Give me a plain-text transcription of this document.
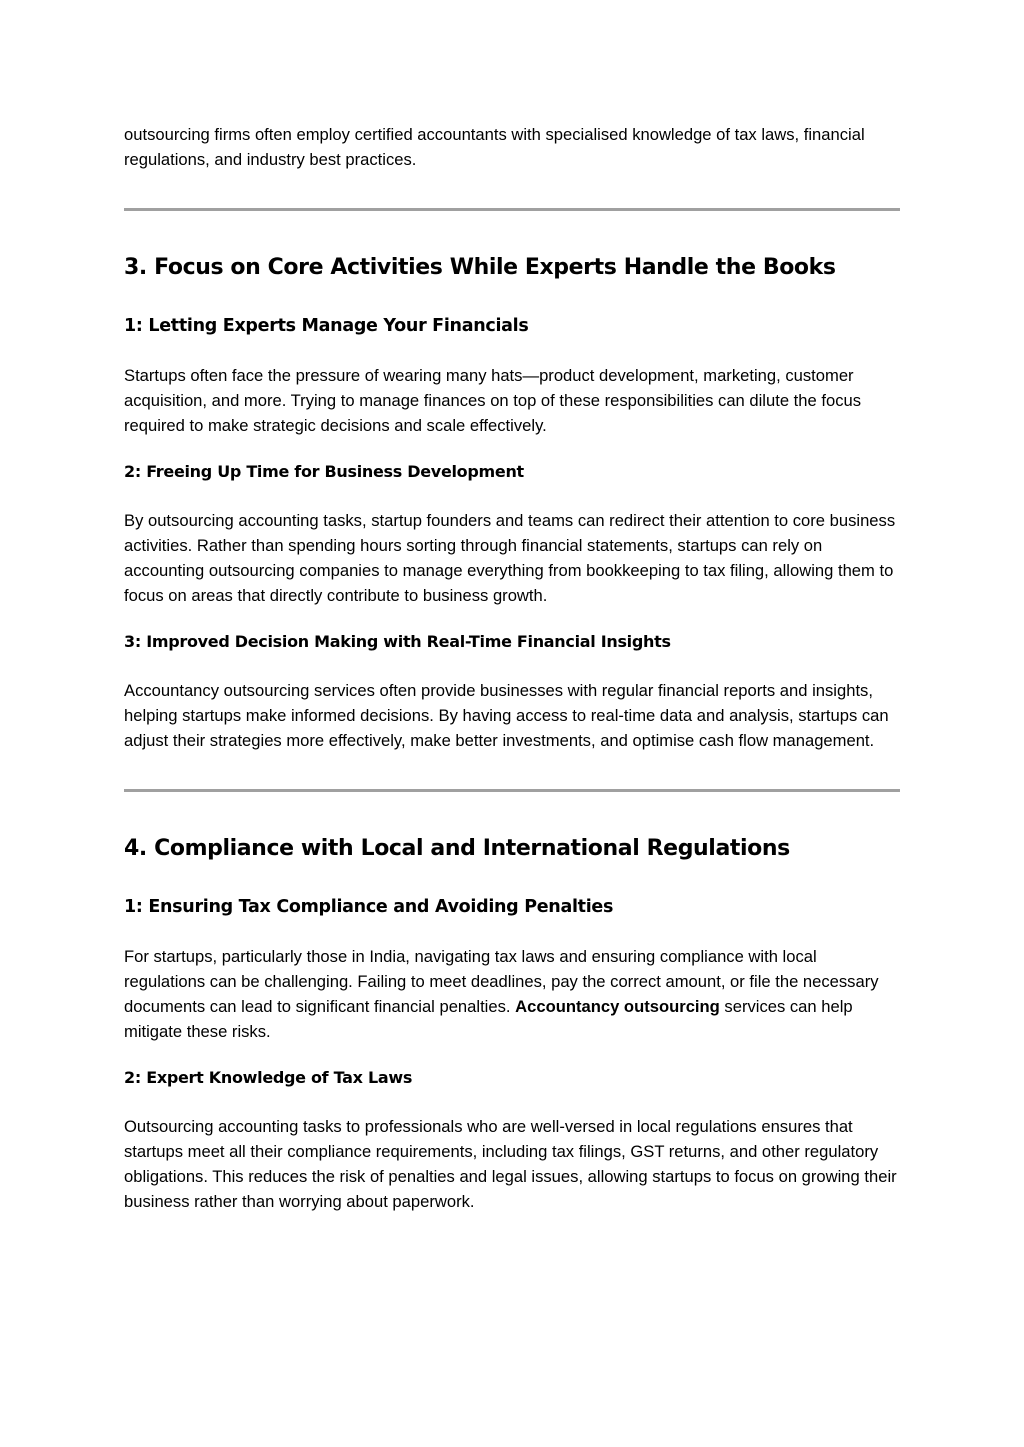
outsourcing firms often employ certified accountants with specialised knowledge of tax laws, financial regulations, and industry best practices.

3. Focus on Core Activities While Experts Handle the Books
1: Letting Experts Manage Your Financials

Startups often face the pressure of wearing many hats—product development, marketing, customer acquisition, and more. Trying to manage finances on top of these responsibilities can dilute the focus required to make strategic decisions and scale effectively.

2: Freeing Up Time for Business Development

By outsourcing accounting tasks, startup founders and teams can redirect their attention to core business activities. Rather than spending hours sorting through financial statements, startups can rely on accounting outsourcing companies to manage everything from bookkeeping to tax filing, allowing them to focus on areas that directly contribute to business growth.

3: Improved Decision Making with Real-Time Financial Insights

Accountancy outsourcing services often provide businesses with regular financial reports and insights, helping startups make informed decisions. By having access to real-time data and analysis, startups can adjust their strategies more effectively, make better investments, and optimise cash flow management.

4. Compliance with Local and International Regulations
1: Ensuring Tax Compliance and Avoiding Penalties

For startups, particularly those in India, navigating tax laws and ensuring compliance with local regulations can be challenging. Failing to meet deadlines, pay the correct amount, or file the necessary documents can lead to significant financial penalties. Accountancy outsourcing services can help mitigate these risks.

2: Expert Knowledge of Tax Laws

Outsourcing accounting tasks to professionals who are well-versed in local regulations ensures that startups meet all their compliance requirements, including tax filings, GST returns, and other regulatory obligations. This reduces the risk of penalties and legal issues, allowing startups to focus on growing their business rather than worrying about paperwork.
